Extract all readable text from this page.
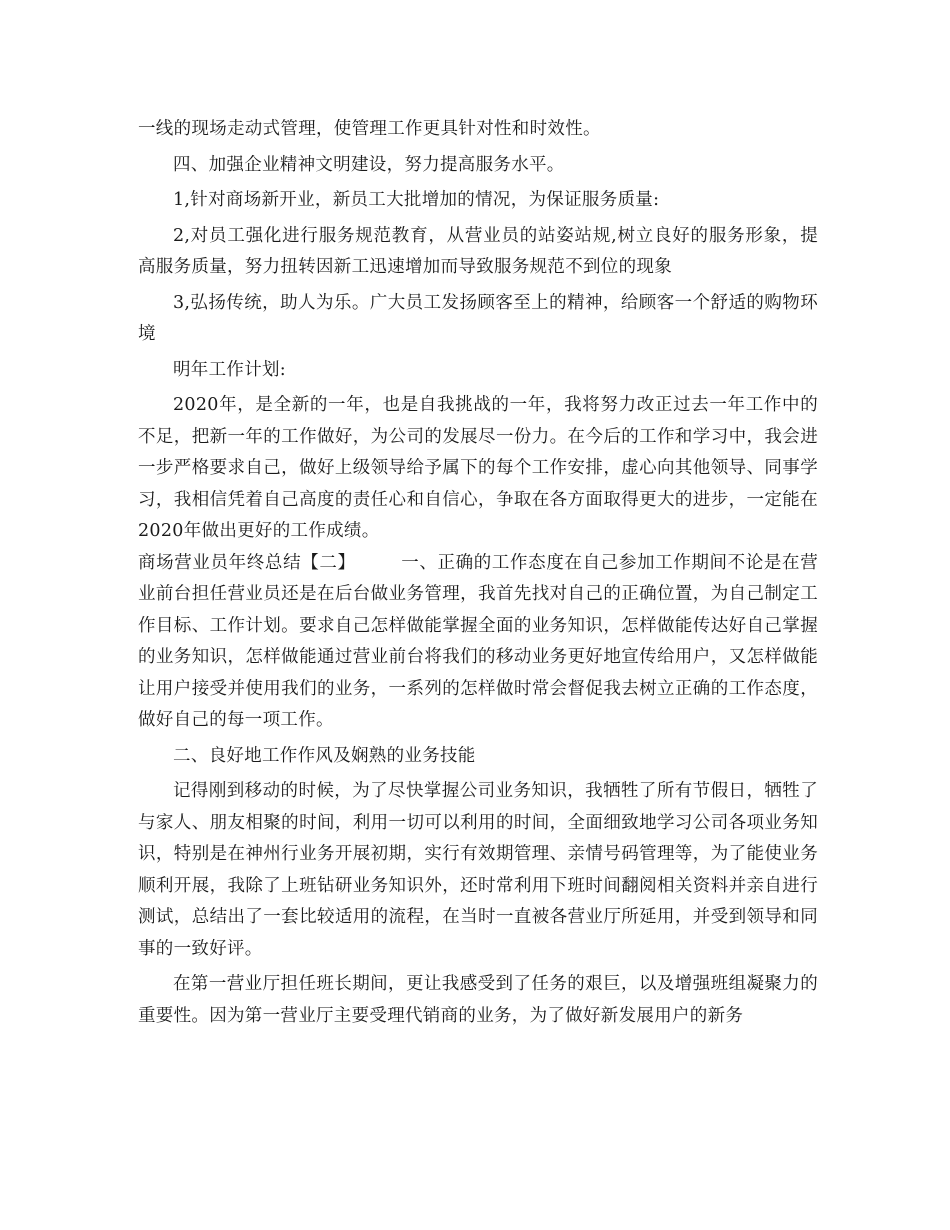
一线的现场走动式管理，使管理工作更具针对性和时效性。

四、加强企业精神文明建设，努力提高服务水平。

1,针对商场新开业，新员工大批增加的情况，为保证服务质量:

2,对员工强化进行服务规范教育，从营业员的站姿站规,树立良好的服务形象，提高服务质量，努力扭转因新工迅速增加而导致服务规范不到位的现象

3,弘扬传统，助人为乐。广大员工发扬顾客至上的精神，给顾客一个舒适的购物环境

明年工作计划:

2020年，是全新的一年，也是自我挑战的一年，我将努力改正过去一年工作中的不足，把新一年的工作做好，为公司的发展尽一份力。在今后的工作和学习中，我会进一步严格要求自己，做好上级领导给予属下的每个工作安排，虚心向其他领导、同事学习，我相信凭着自己高度的责任心和自信心，争取在各方面取得更大的进步，一定能在2020年做出更好的工作成绩。

商场营业员年终总结【二】　　　一、正确的工作态度在自己参加工作期间不论是在营业前台担任营业员还是在后台做业务管理，我首先找对自己的正确位置，为自己制定工作目标、工作计划。要求自己怎样做能掌握全面的业务知识，怎样做能传达好自己掌握的业务知识，怎样做能通过营业前台将我们的移动业务更好地宣传给用户，又怎样做能让用户接受并使用我们的业务，一系列的怎样做时常会督促我去树立正确的工作态度，做好自己的每一项工作。

二、良好地工作作风及娴熟的业务技能

记得刚到移动的时候，为了尽快掌握公司业务知识，我牺牲了所有节假日，牺牲了与家人、朋友相聚的时间，利用一切可以利用的时间，全面细致地学习公司各项业务知识，特别是在神州行业务开展初期，实行有效期管理、亲情号码管理等，为了能使业务顺利开展，我除了上班钻研业务知识外，还时常利用下班时间翻阅相关资料并亲自进行测试，总结出了一套比较适用的流程，在当时一直被各营业厅所延用，并受到领导和同事的一致好评。

在第一营业厅担任班长期间，更让我感受到了任务的艰巨，以及增强班组凝聚力的重要性。因为第一营业厅主要受理代销商的业务，为了做好新发展用户的新务
